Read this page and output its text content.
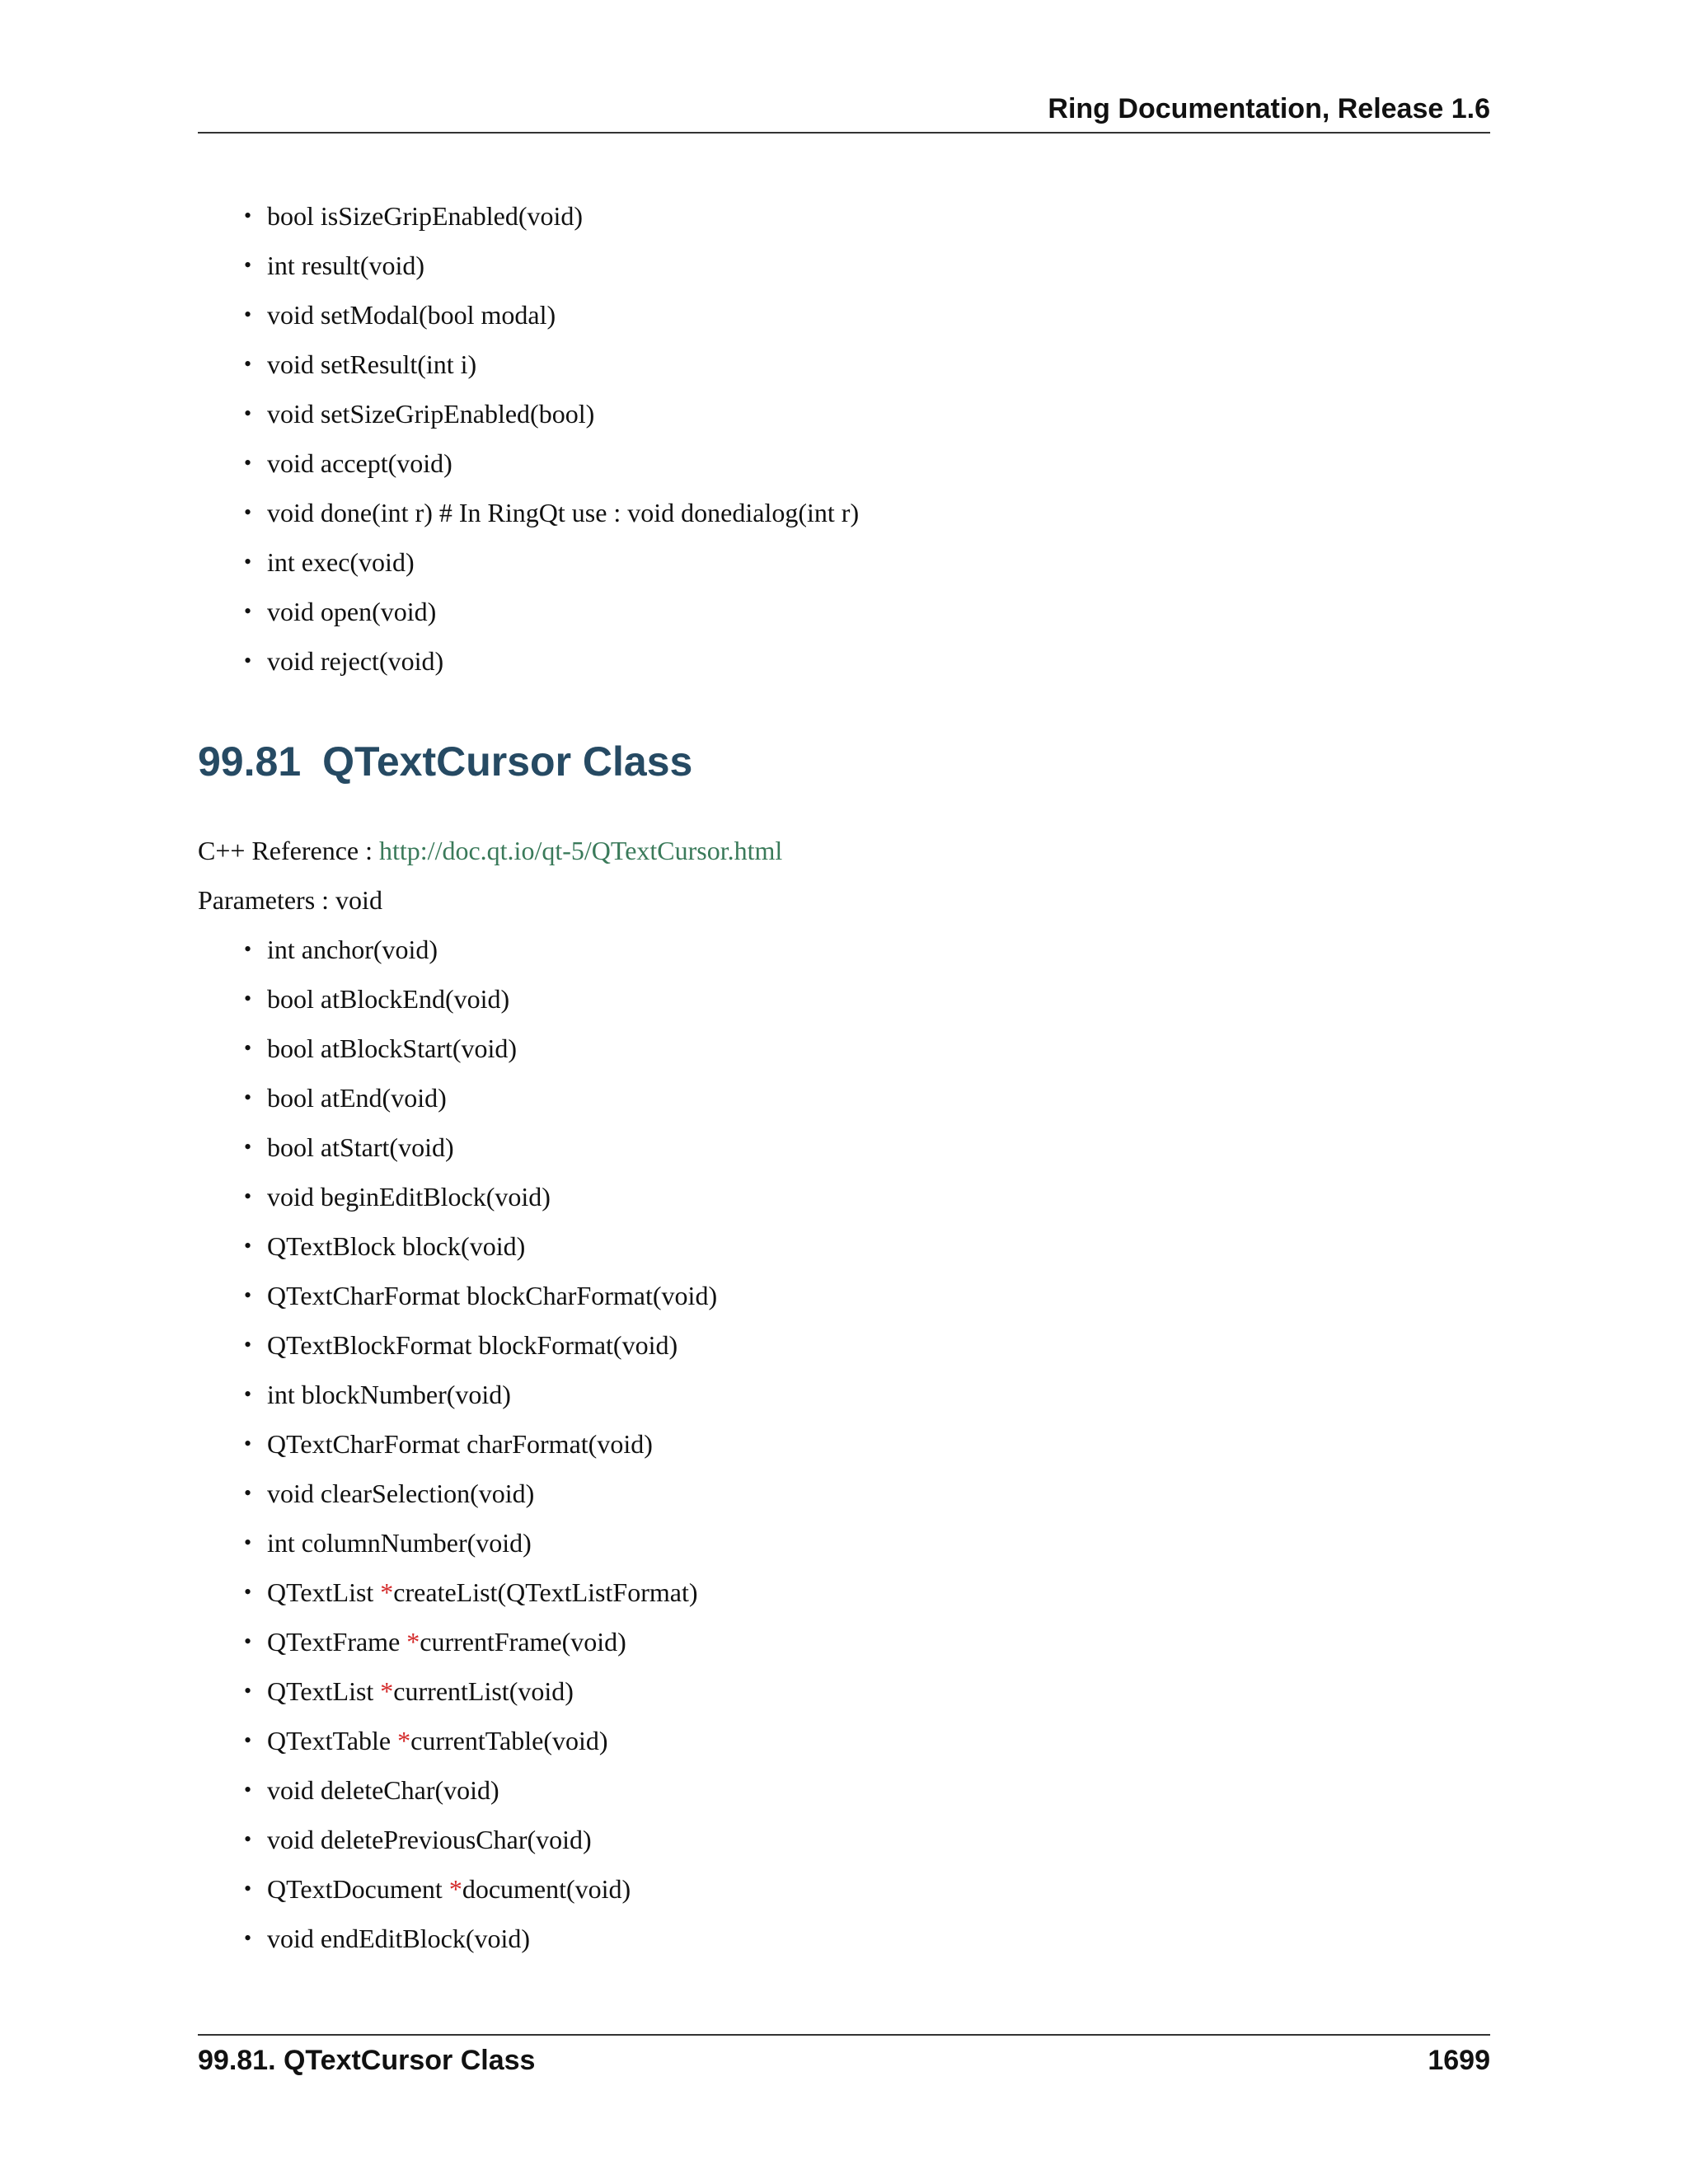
Ring Documentation, Release 1.6
• bool isSizeGripEnabled(void)
• int result(void)
• void setModal(bool modal)
• void setResult(int i)
• void setSizeGripEnabled(bool)
• void accept(void)
• void done(int r) # In RingQt use : void donedialog(int r)
• int exec(void)
• void open(void)
• void reject(void)
99.81 QTextCursor Class
C++ Reference : http://doc.qt.io/qt-5/QTextCursor.html
Parameters : void
• int anchor(void)
• bool atBlockEnd(void)
• bool atBlockStart(void)
• bool atEnd(void)
• bool atStart(void)
• void beginEditBlock(void)
• QTextBlock block(void)
• QTextCharFormat blockCharFormat(void)
• QTextBlockFormat blockFormat(void)
• int blockNumber(void)
• QTextCharFormat charFormat(void)
• void clearSelection(void)
• int columnNumber(void)
• QTextList *createList(QTextListFormat)
• QTextFrame *currentFrame(void)
• QTextList *currentList(void)
• QTextTable *currentTable(void)
• void deleteChar(void)
• void deletePreviousChar(void)
• QTextDocument *document(void)
• void endEditBlock(void)
99.81. QTextCursor Class	1699
